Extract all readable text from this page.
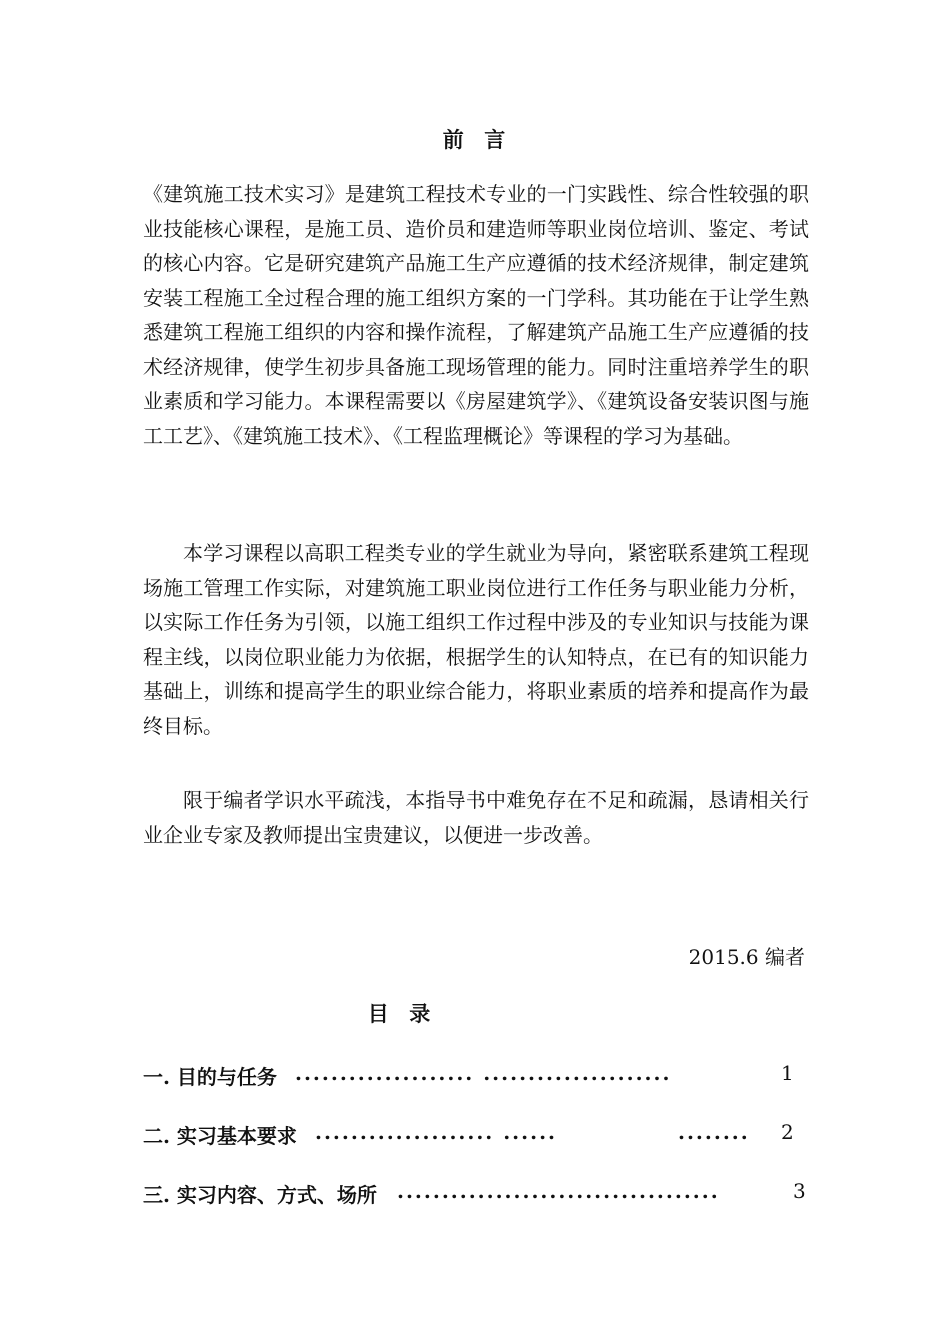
前  言
《建筑施工技术实习》是建筑工程技术专业的一门实践性、综合性较强的职业技能核心课程，是施工员、造价员和建造师等职业岗位培训、鉴定、考试的核心内容。它是研究建筑产品施工生产应遵循的技术经济规律，制定建筑安装工程施工全过程合理的施工组织方案的一门学科。其功能在于让学生熟悉建筑工程施工组织的内容和操作流程，了解建筑产品施工生产应遵循的技术经济规律，使学生初步具备施工现场管理的能力。同时注重培养学生的职业素质和学习能力。本课程需要以《房屋建筑学》、《建筑设备安装识图与施工工艺》、《建筑施工技术》、《工程监理概论》等课程的学习为基础。
本学习课程以高职工程类专业的学生就业为导向，紧密联系建筑工程现场施工管理工作实际，对建筑施工职业岗位进行工作任务与职业能力分析，以实际工作任务为引领，以施工组织工作过程中涉及的专业知识与技能为课程主线，以岗位职业能力为依据，根据学生的认知特点，在已有的知识能力基础上，训练和提高学生的职业综合能力，将职业素质的培养和提高作为最终目标。
限于编者学识水平疏浅，本指导书中难免存在不足和疏漏，恳请相关行业企业专家及教师提出宝贵建议，以便进一步改善。
2015.6 编者
目  录
一. 目的与任务 .................... .....................	1
二. 实习基本要求 .................... ......	........ 2
三. 实习内容、方式、场所 ....................................	3
